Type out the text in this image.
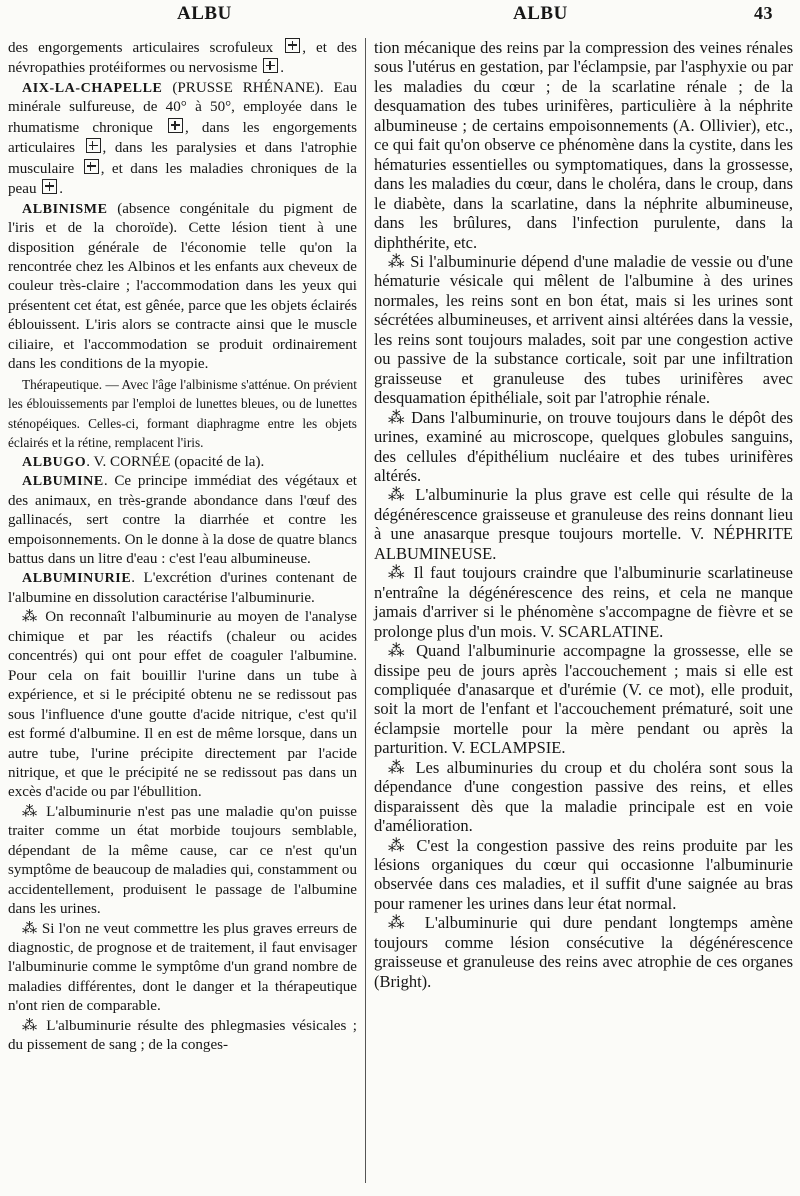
ALBU	ALBU	43

des engorgements articulaires scrofuleux , et des névropathies protéiformes ou nervosisme .

AIX-LA-CHAPELLE (PRUSSE RHÉNANE). Eau minérale sulfureuse, de 40° à 50°, employée dans le rhumatisme chronique , dans les engorgements articulaires , dans les paralysies et dans l'atrophie musculaire , et dans les maladies chroniques de la peau .

ALBINISME (absence congénitale du pigment de l'iris et de la choroïde). Cette lésion tient à une disposition générale de l'économie telle qu'on la rencontrée chez les Albinos et les enfants aux cheveux de couleur très-claire ; l'accommodation dans les yeux qui présentent cet état, est gênée, parce que les objets éclairés éblouissent. L'iris alors se contracte ainsi que le muscle ciliaire, et l'accommodation se produit ordinairement dans les conditions de la myopie.

Thérapeutique. — Avec l'âge l'albinisme s'atténue. On prévient les éblouissements par l'emploi de lunettes bleues, ou de lunettes sténopéiques. Celles-ci, formant diaphragme entre les objets éclairés et la rétine, remplacent l'iris.

ALBUGO. V. CORNÉE (opacité de la).

ALBUMINE. Ce principe immédiat des végétaux et des animaux, en très-grande abondance dans l'œuf des gallinacés, sert contre la diarrhée et contre les empoisonnements. On le donne à la dose de quatre blancs battus dans un litre d'eau : c'est l'eau albumineuse.

ALBUMINURIE. L'excrétion d'urines contenant de l'albumine en dissolution caractérise l'albuminurie.

⁂ On reconnaît l'albuminurie au moyen de l'analyse chimique et par les réactifs (chaleur ou acides concentrés) qui ont pour effet de coaguler l'albumine. Pour cela on fait bouillir l'urine dans un tube à expérience, et si le précipité obtenu ne se redissout pas sous l'influence d'une goutte d'acide nitrique, c'est qu'il est formé d'albumine. Il en est de même lorsque, dans un autre tube, l'urine précipite directement par l'acide nitrique, et que le précipité ne se redissout pas dans un excès d'acide ou par l'ébullition.

⁂ L'albuminurie n'est pas une maladie qu'on puisse traiter comme un état morbide toujours semblable, dépendant de la même cause, car ce n'est qu'un symptôme de beaucoup de maladies qui, constamment ou accidentellement, produisent le passage de l'albumine dans les urines.

⁂ Si l'on ne veut commettre les plus graves erreurs de diagnostic, de prognose et de traitement, il faut envisager l'albuminurie comme le symptôme d'un grand nombre de maladies différentes, dont le danger et la thérapeutique n'ont rien de comparable.

⁂ L'albuminurie résulte des phlegmasies vésicales ; du pissement de sang ; de la conges-

tion mécanique des reins par la compression des veines rénales sous l'utérus en gestation, par l'éclampsie, par l'asphyxie ou par les maladies du cœur ; de la scarlatine rénale ; de la desquamation des tubes urinifères, particulière à la néphrite albumineuse ; de certains empoisonnements (A. Ollivier), etc., ce qui fait qu'on observe ce phénomène dans la cystite, dans les hématuries essentielles ou symptomatiques, dans la grossesse, dans les maladies du cœur, dans le choléra, dans le croup, dans le diabète, dans la scarlatine, dans la néphrite albumineuse, dans les brûlures, dans l'infection purulente, dans la diphthérite, etc.

⁂ Si l'albuminurie dépend d'une maladie de vessie ou d'une hématurie vésicale qui mêlent de l'albumine à des urines normales, les reins sont en bon état, mais si les urines sont sécrétées albumineuses, et arrivent ainsi altérées dans la vessie, les reins sont toujours malades, soit par une congestion active ou passive de la substance corticale, soit par une infiltration graisseuse et granuleuse des tubes urinifères avec desquamation épithéliale, soit par l'atrophie rénale.

⁂ Dans l'albuminurie, on trouve toujours dans le dépôt des urines, examiné au microscope, quelques globules sanguins, des cellules d'épithélium nucléaire et des tubes urinifères altérés.

⁂ L'albuminurie la plus grave est celle qui résulte de la dégénérescence graisseuse et granuleuse des reins donnant lieu à une anasarque presque toujours mortelle. V. NÉPHRITE ALBUMINEUSE.

⁂ Il faut toujours craindre que l'albuminurie scarlatineuse n'entraîne la dégénérescence des reins, et cela ne manque jamais d'arriver si le phénomène s'accompagne de fièvre et se prolonge plus d'un mois. V. SCARLATINE.

⁂ Quand l'albuminurie accompagne la grossesse, elle se dissipe peu de jours après l'accouchement ; mais si elle est compliquée d'anasarque et d'urémie (V. ce mot), elle produit, soit la mort de l'enfant et l'accouchement prématuré, soit une éclampsie mortelle pour la mère pendant ou après la parturition. V. ECLAMPSIE.

⁂ Les albuminuries du croup et du choléra sont sous la dépendance d'une congestion passive des reins, et elles disparaissent dès que la maladie principale est en voie d'amélioration.

⁂ C'est la congestion passive des reins produite par les lésions organiques du cœur qui occasionne l'albuminurie observée dans ces maladies, et il suffit d'une saignée au bras pour ramener les urines dans leur état normal.

⁂ L'albuminurie qui dure pendant longtemps amène toujours comme lésion consécutive la dégénérescence graisseuse et granuleuse des reins avec atrophie de ces organes (Bright).
